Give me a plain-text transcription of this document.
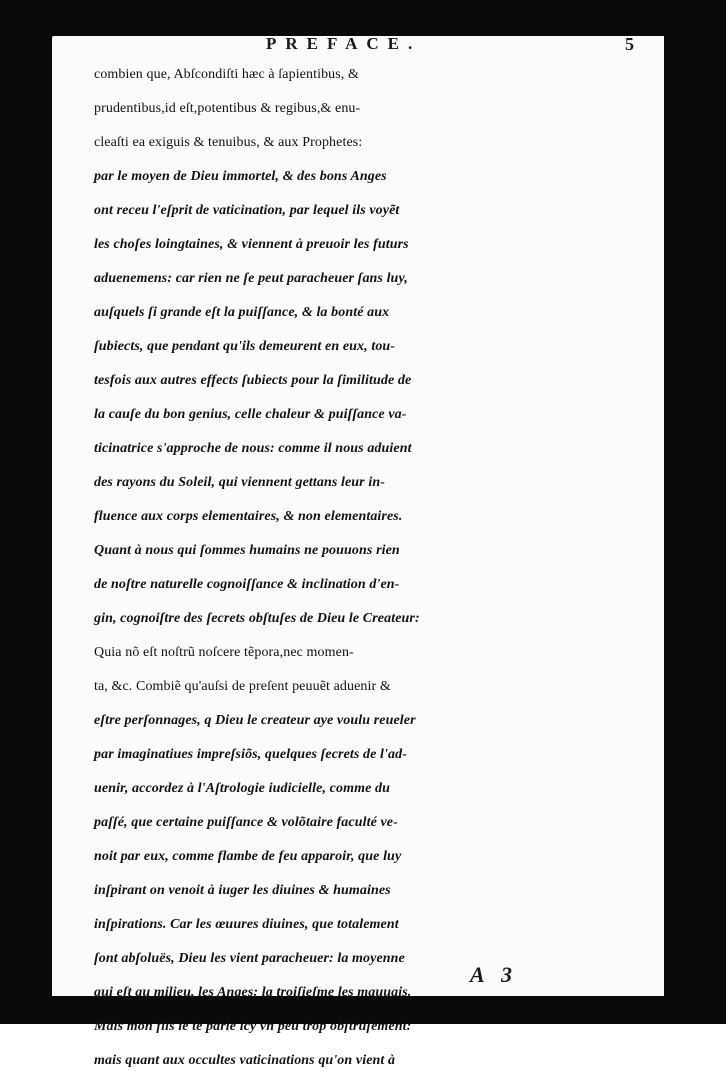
PREFACE.	5
combien que, Abſcondiſti hæc à ſapientibus, &
prudentibus,id eſt,potentibus & regibus,& enu-
cleaſti ea exiguis & tenuibus, & aux Prophetes:
par le moyen de Dieu immortel, & des bons Anges
ont receu l'eſprit de vaticination, par lequel ils voyẽt
les choſes loingtaines, & viennent à preuoir les futurs
aduenemens: car rien ne ſe peut paracheuer ſans luy,
auſquels ſi grande eſt la puiſſance, & la bonté aux
ſubiects, que pendant qu'ils demeurent en eux, tou-
tesfois aux autres effects ſubiects pour la ſimilitude de
la cauſe du bon genius, celle chaleur & puiſſance va-
ticinatrice s'approche de nous: comme il nous aduient
des rayons du Soleil, qui viennent gettans leur in-
fluence aux corps elementaires, & non elementaires.
Quant à nous qui ſommes humains ne pouuons rien
de noſtre naturelle cognoiſſance & inclination d'en-
gin, cognoiſtre des ſecrets obſtuſes de Dieu le Createur:
Quia nõ eſt noſtrũ noſcere tẽpora,nec momen-
ta, &c. Combiẽ qu'auſsi de preſent peuuẽt aduenir &
eſtre perſonnages, q Dieu le createur aye voulu reueler
par imaginatiues impreſsiõs, quelques ſecrets de l'ad-
uenir, accordez à l'Aſtrologie iudicielle, comme du
paſſé, que certaine puiſſance & volõtaire faculté ve-
noit par eux, comme flambe de feu apparoir, que luy
inſpirant on venoit à iuger les diuines & humaines
inſpirations. Car les œuures diuines, que totalement
ſont abſoluës, Dieu les vient paracheuer: la moyenne
qui eſt au milieu, les Anges: la troiſieſme les mauuais.
Mais mon fils ie te parle icy vn peu trop obſtruſement:
mais quant aux occultes vaticinations qu'on vient à
A 3
